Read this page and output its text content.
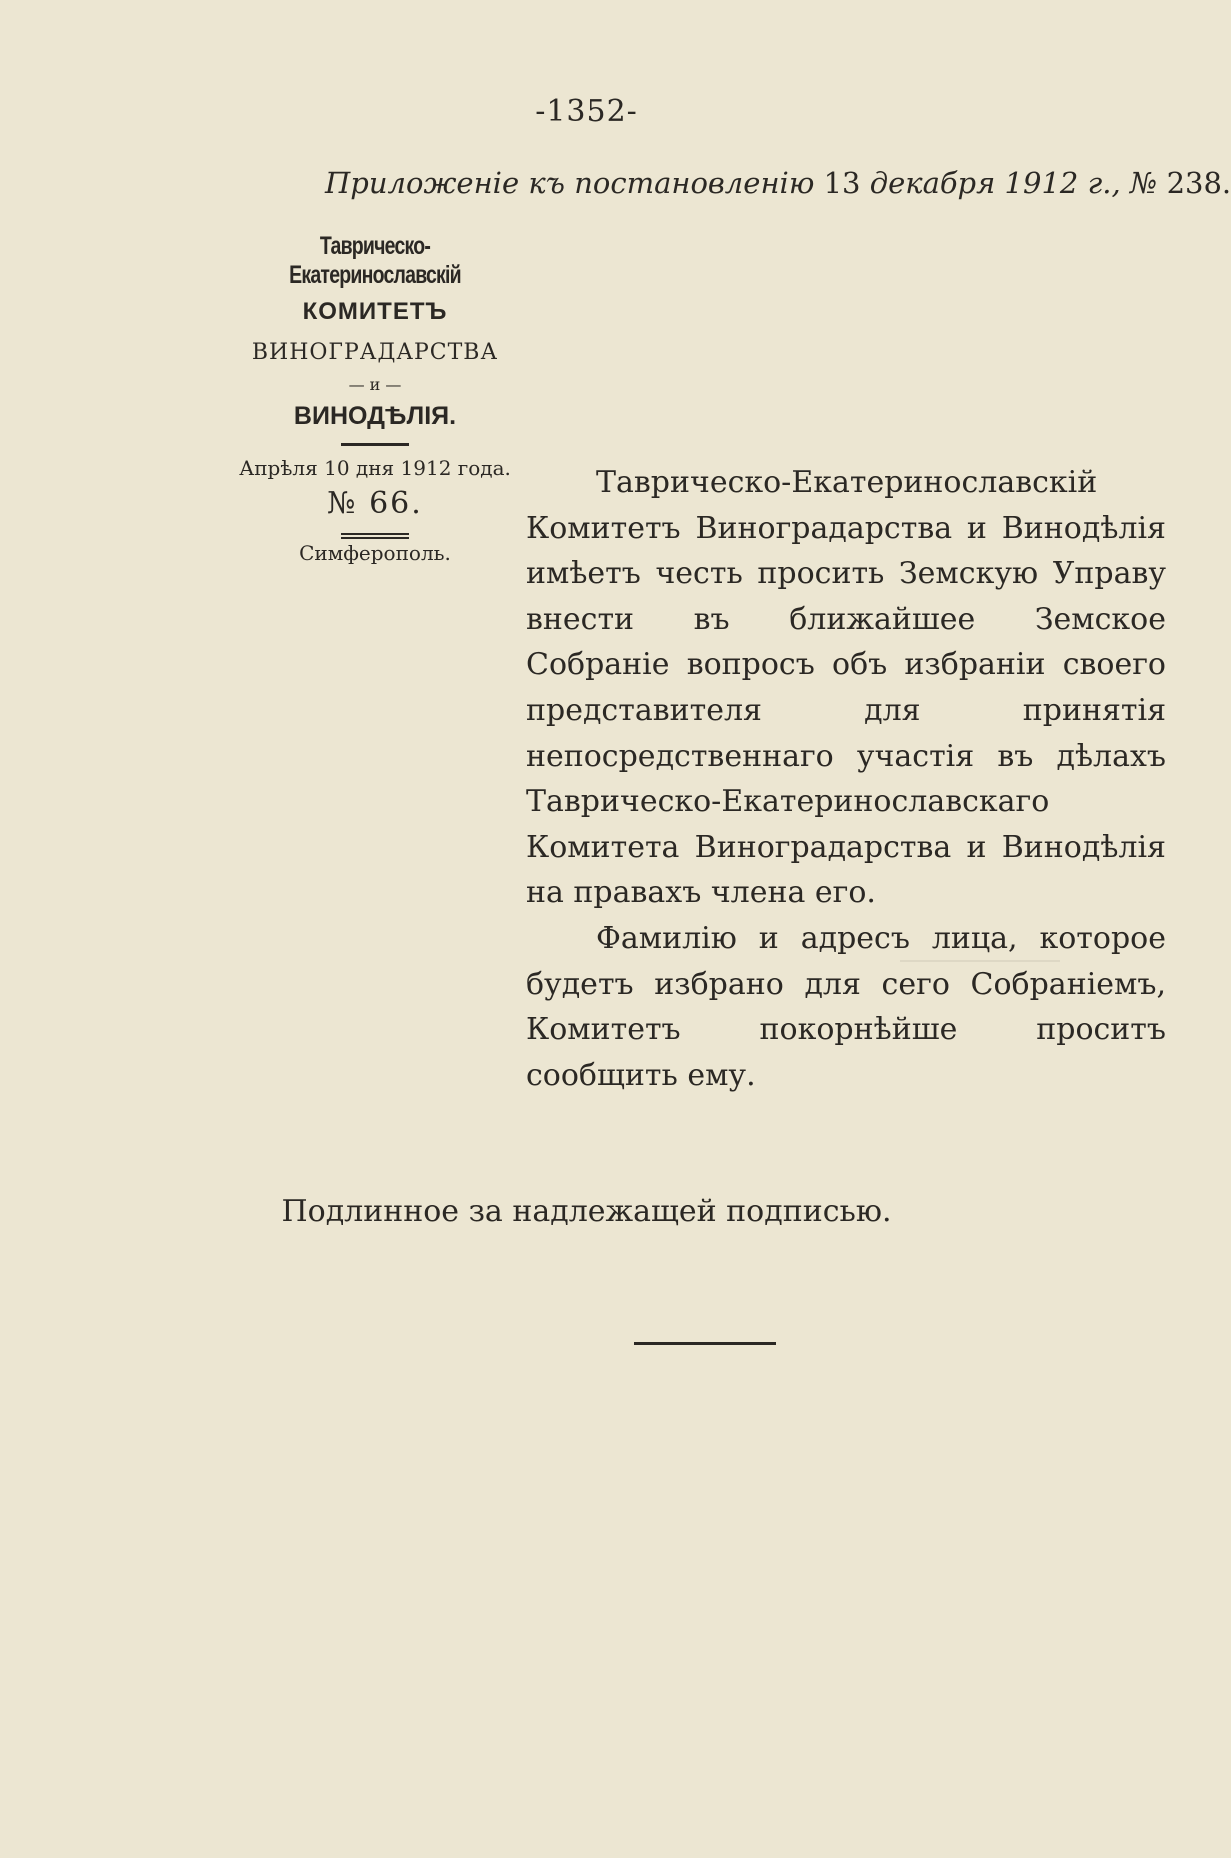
-1352-
Приложеніе къ постановленію 13 декабря 1912 г., № 238.
Таврическо-Екатеринославскій
КОМИТЕТЪ
ВИНОГРАДАРСТВА
— и —
ВИНОДѢЛІЯ.
Апрѣля 10 дня 1912 года.
№ 66.
Симферополь.

Таврическо-Екатеринославскій Комитетъ Виноградарства и Винодѣлія имѣетъ честь просить Земскую Управу внести въ ближайшее Земское Собраніе вопросъ объ избраніи своего представителя для принятія непосредственнаго участія въ дѣлахъ Таврическо-Екатеринославскаго Комитета Виноградарства и Винодѣлія на правахъ члена его.

Фамилію и адресъ лица, которое будетъ избрано для сего Собраніемъ, Комитетъ покорнѣйше проситъ сообщить ему.

Подлинное за надлежащей подписью.
